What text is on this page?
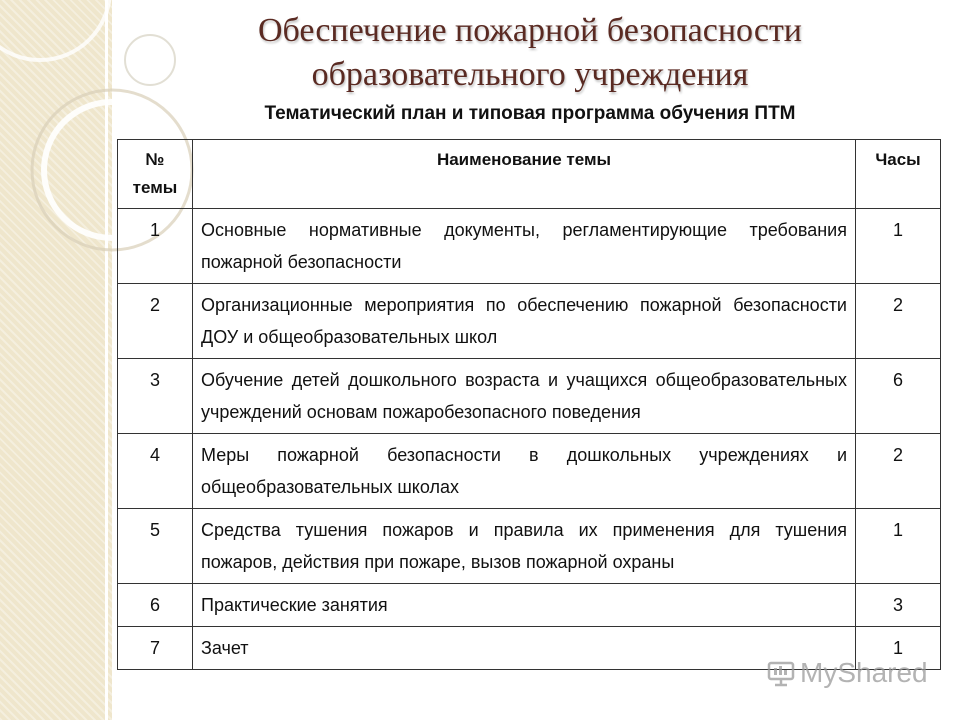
Обеспечение пожарной безопасности
образовательного учреждения
Тематический план и типовая программа обучения ПТМ
№
темы	Наименование темы	Часы
1	Основные нормативные документы, регламентирующие требования пожарной безопасности	1
2	Организационные мероприятия по обеспечению пожарной безопасности ДОУ и общеобразовательных школ	2
3	Обучение детей дошкольного возраста и учащихся общеобразовательных учреждений основам пожаробезопасного поведения	6
4	Меры пожарной безопасности в дошкольных учреждениях и общеобразовательных школах	2
5	Средства тушения пожаров и правила их применения для тушения пожаров, действия при пожаре, вызов пожарной охраны	1
6	Практические занятия	3
7	Зачет	1
MyShared
